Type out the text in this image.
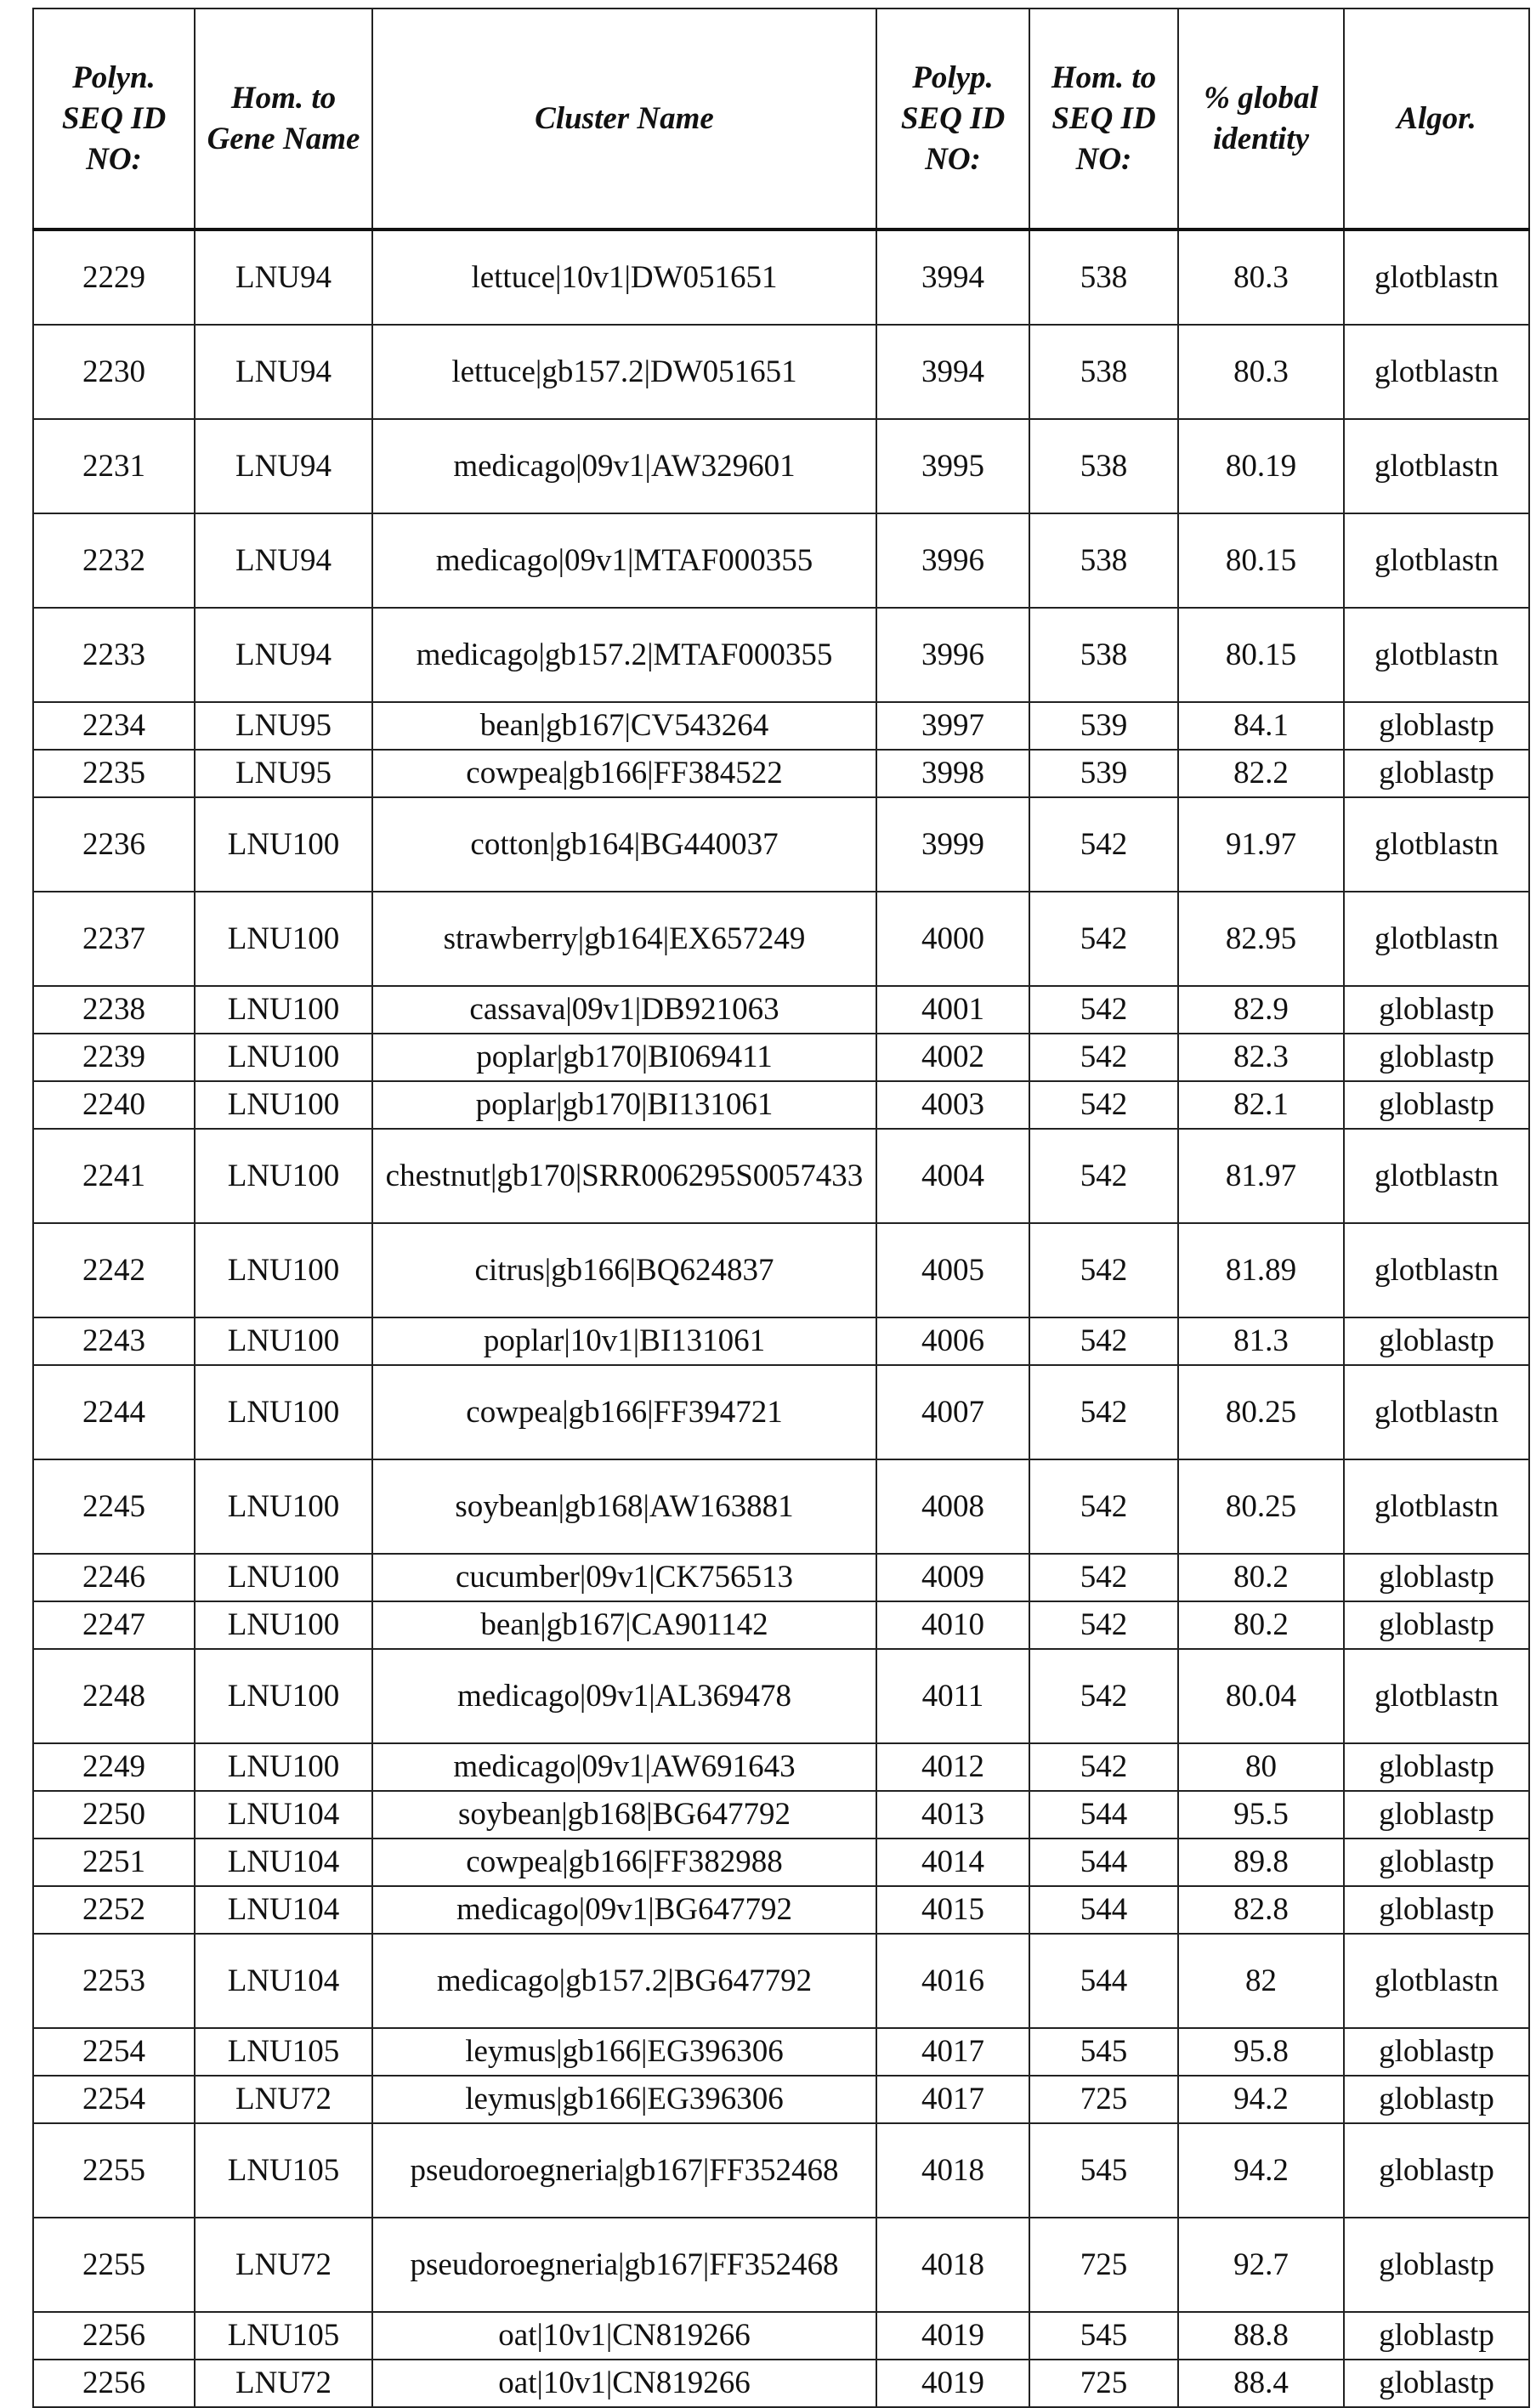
Polyn. SEQ ID NO:	Hom. to Gene Name	Cluster Name	Polyp. SEQ ID NO:	Hom. to SEQ ID NO:	% global identity	Algor.
2229	LNU94	lettuce|10v1|DW051651	3994	538	80.3	glotblastn
2230	LNU94	lettuce|gb157.2|DW051651	3994	538	80.3	glotblastn
2231	LNU94	medicago|09v1|AW329601	3995	538	80.19	glotblastn
2232	LNU94	medicago|09v1|MTAF000355	3996	538	80.15	glotblastn
2233	LNU94	medicago|gb157.2|MTAF000355	3996	538	80.15	glotblastn
2234	LNU95	bean|gb167|CV543264	3997	539	84.1	globlastp
2235	LNU95	cowpea|gb166|FF384522	3998	539	82.2	globlastp
2236	LNU100	cotton|gb164|BG440037	3999	542	91.97	glotblastn
2237	LNU100	strawberry|gb164|EX657249	4000	542	82.95	glotblastn
2238	LNU100	cassava|09v1|DB921063	4001	542	82.9	globlastp
2239	LNU100	poplar|gb170|BI069411	4002	542	82.3	globlastp
2240	LNU100	poplar|gb170|BI131061	4003	542	82.1	globlastp
2241	LNU100	chestnut|gb170|SRR006295S0057433	4004	542	81.97	glotblastn
2242	LNU100	citrus|gb166|BQ624837	4005	542	81.89	glotblastn
2243	LNU100	poplar|10v1|BI131061	4006	542	81.3	globlastp
2244	LNU100	cowpea|gb166|FF394721	4007	542	80.25	glotblastn
2245	LNU100	soybean|gb168|AW163881	4008	542	80.25	glotblastn
2246	LNU100	cucumber|09v1|CK756513	4009	542	80.2	globlastp
2247	LNU100	bean|gb167|CA901142	4010	542	80.2	globlastp
2248	LNU100	medicago|09v1|AL369478	4011	542	80.04	glotblastn
2249	LNU100	medicago|09v1|AW691643	4012	542	80	globlastp
2250	LNU104	soybean|gb168|BG647792	4013	544	95.5	globlastp
2251	LNU104	cowpea|gb166|FF382988	4014	544	89.8	globlastp
2252	LNU104	medicago|09v1|BG647792	4015	544	82.8	globlastp
2253	LNU104	medicago|gb157.2|BG647792	4016	544	82	glotblastn
2254	LNU105	leymus|gb166|EG396306	4017	545	95.8	globlastp
2254	LNU72	leymus|gb166|EG396306	4017	725	94.2	globlastp
2255	LNU105	pseudoroegneria|gb167|FF352468	4018	545	94.2	globlastp
2255	LNU72	pseudoroegneria|gb167|FF352468	4018	725	92.7	globlastp
2256	LNU105	oat|10v1|CN819266	4019	545	88.8	globlastp
2256	LNU72	oat|10v1|CN819266	4019	725	88.4	globlastp
